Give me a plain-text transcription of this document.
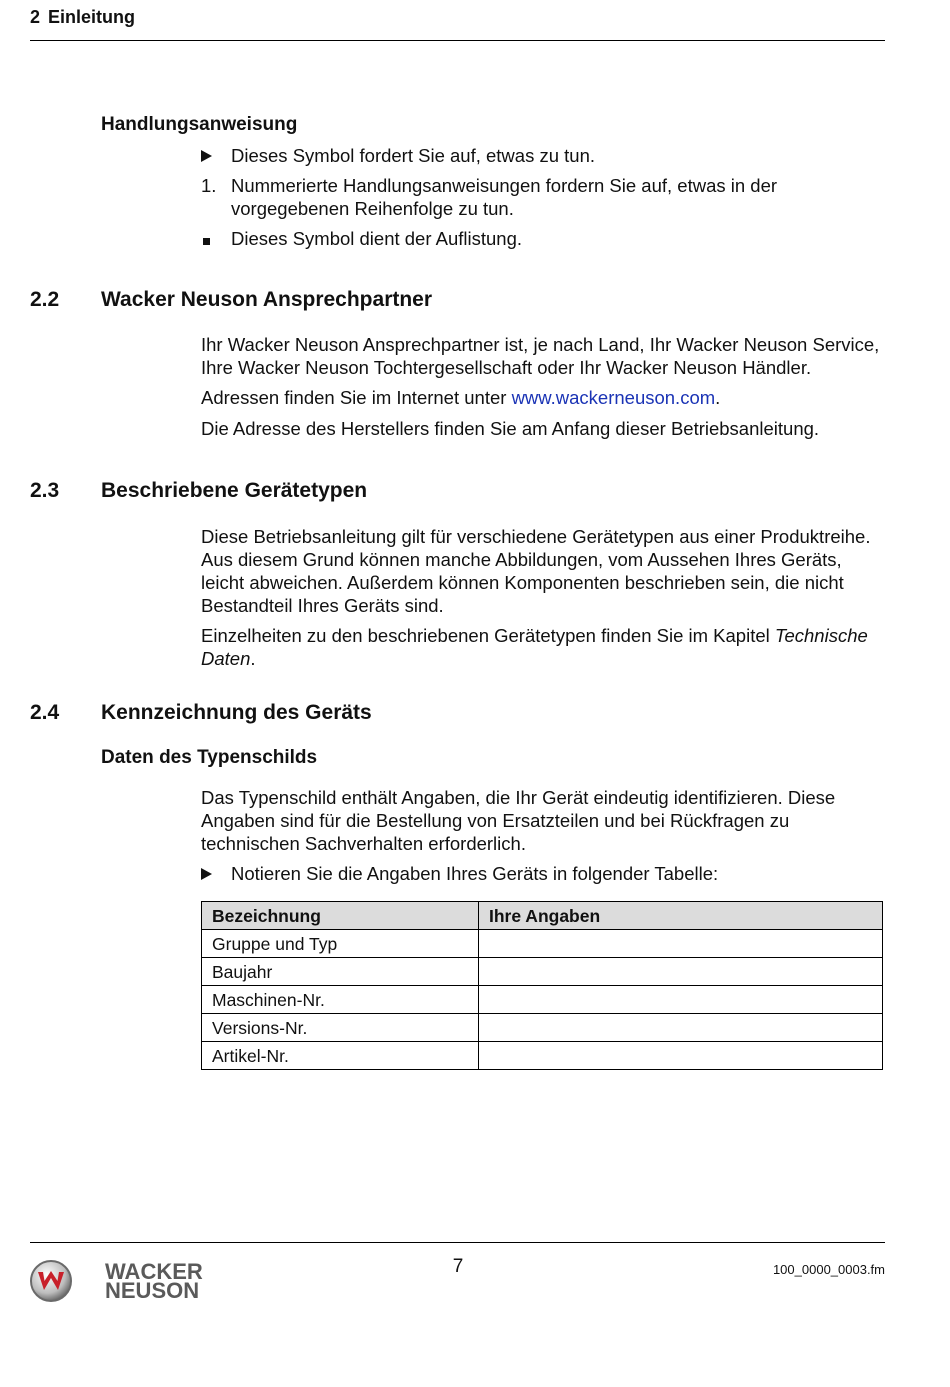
2 Einleitung
Handlungsanweisung
Dieses Symbol fordert Sie auf, etwas zu tun.
1. Nummerierte Handlungsanweisungen fordern Sie auf, etwas in der vorgegebenen Reihenfolge zu tun.
Dieses Symbol dient der Auflistung.
2.2 Wacker Neuson Ansprechpartner
Ihr Wacker Neuson Ansprechpartner ist, je nach Land, Ihr Wacker Neuson Service, Ihre Wacker Neuson Tochtergesellschaft oder Ihr Wacker Neuson Händler.
Adressen finden Sie im Internet unter www.wackerneuson.com.
Die Adresse des Herstellers finden Sie am Anfang dieser Betriebsanleitung.
2.3 Beschriebene Gerätetypen
Diese Betriebsanleitung gilt für verschiedene Gerätetypen aus einer Produktreihe. Aus diesem Grund können manche Abbildungen, vom Aussehen Ihres Geräts, leicht abweichen. Außerdem können Komponenten beschrieben sein, die nicht Bestandteil Ihres Geräts sind.
Einzelheiten zu den beschriebenen Gerätetypen finden Sie im Kapitel Technische Daten.
2.4 Kennzeichnung des Geräts
Daten des Typenschilds
Das Typenschild enthält Angaben, die Ihr Gerät eindeutig identifizieren. Diese Angaben sind für die Bestellung von Ersatzteilen und bei Rückfragen zu technischen Sachverhalten erforderlich.
Notieren Sie die Angaben Ihres Geräts in folgender Tabelle:
Bezeichnung	Ihre Angaben
Gruppe und Typ	
Baujahr	
Maschinen-Nr.	
Versions-Nr.	
Artikel-Nr.	
WACKER
NEUSON
7	100_0000_0003.fm
